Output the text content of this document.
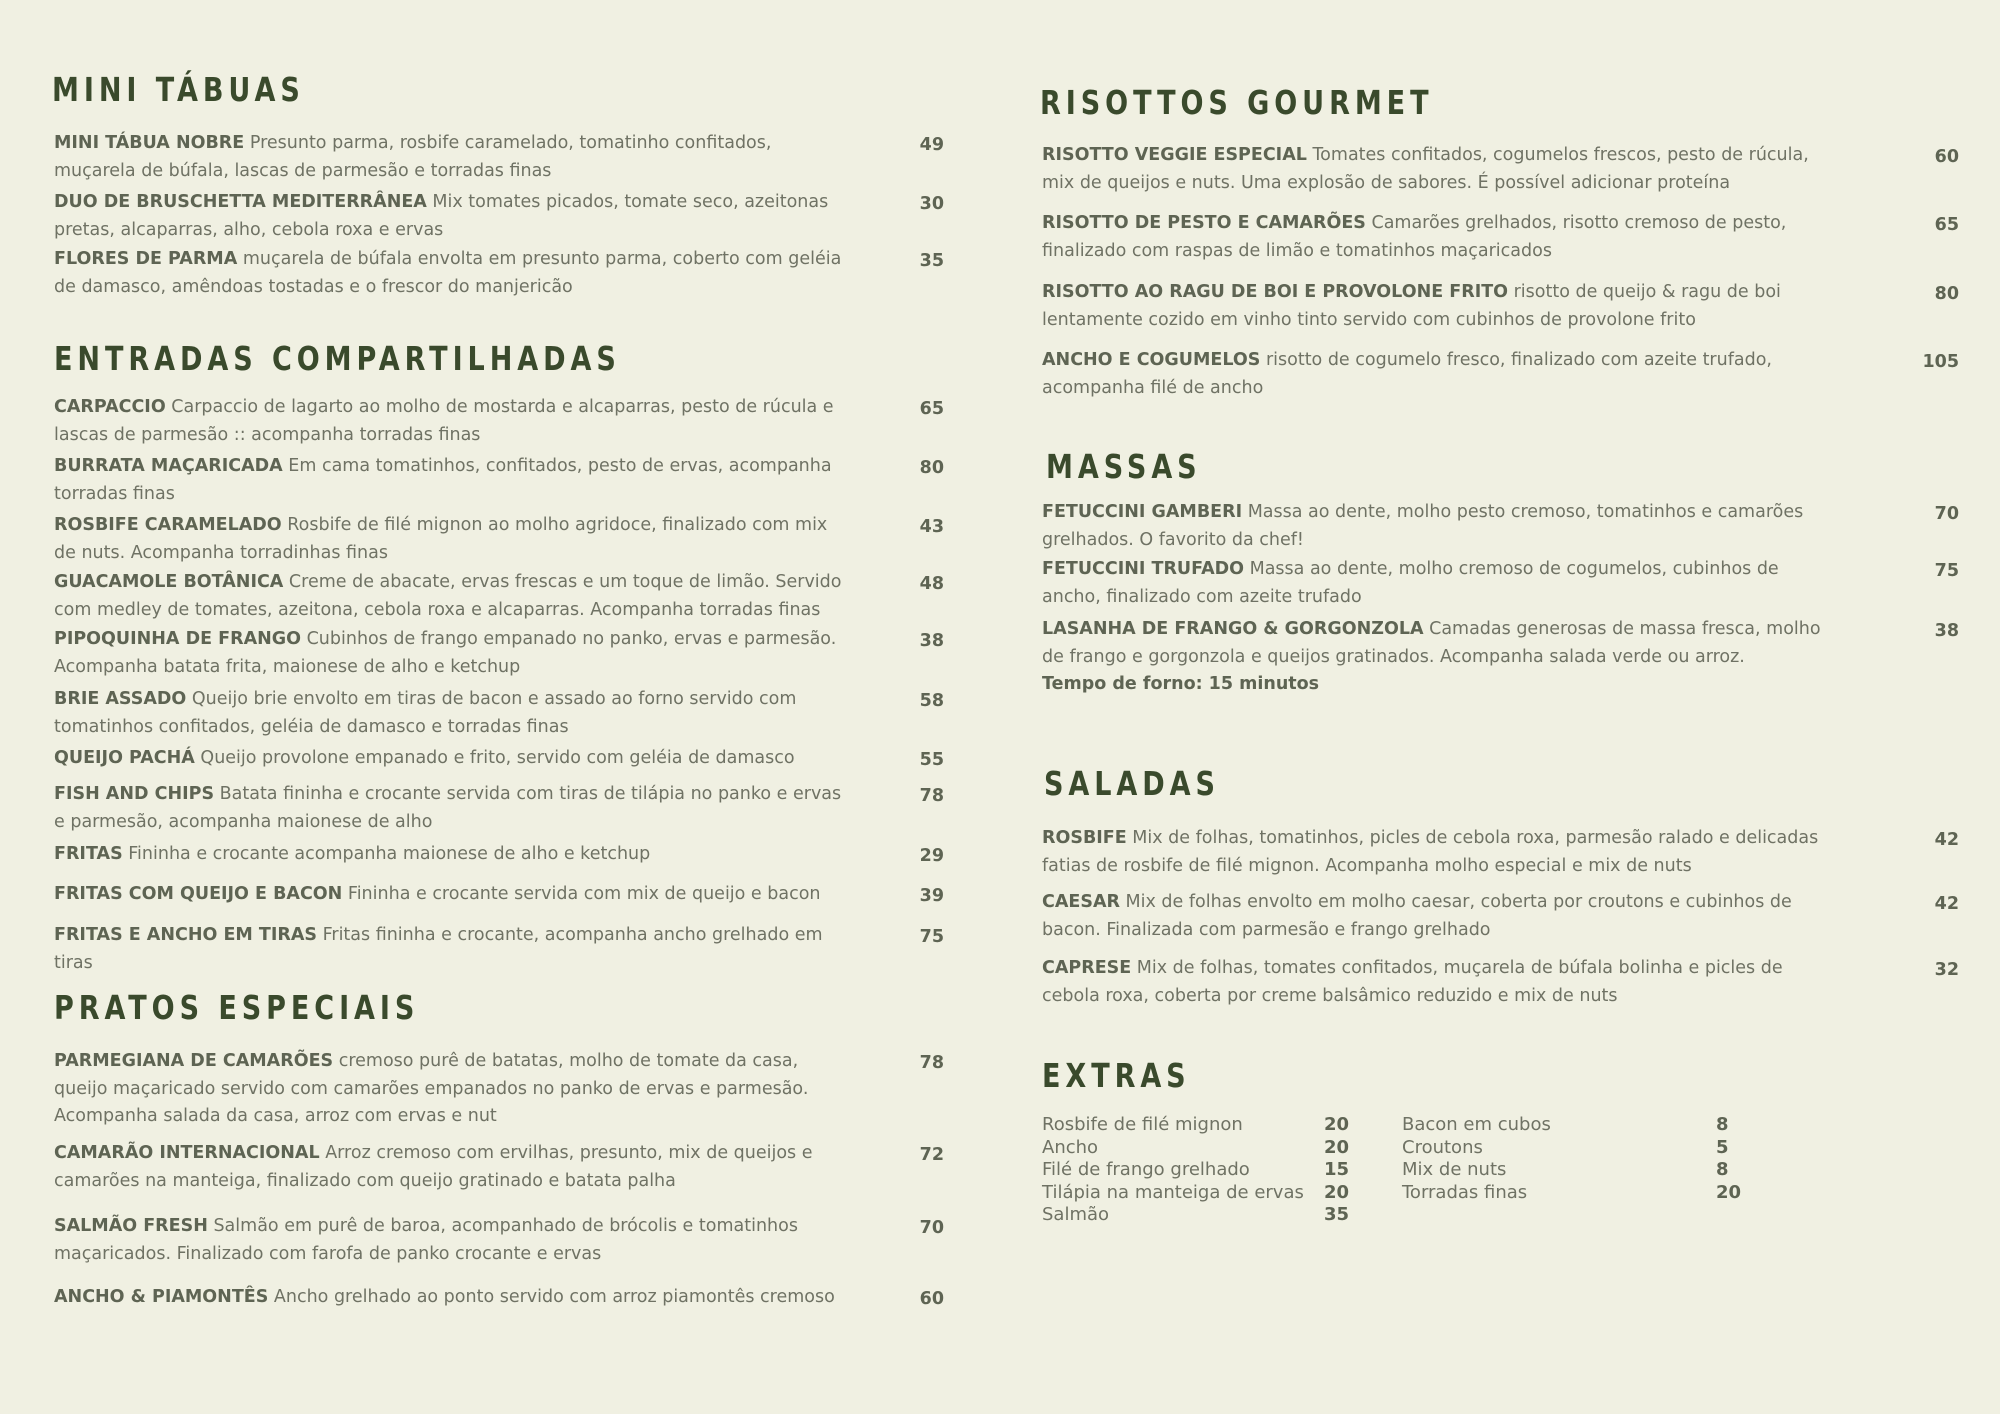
MINI TÁBUAS
MINI TÁBUA NOBRE Presunto parma, rosbife caramelado, tomatinho confitados, muçarela de búfala, lascas de parmesão e torradas finas
49
DUO DE BRUSCHETTA MEDITERRÂNEA Mix tomates picados, tomate seco, azeitonas pretas, alcaparras, alho, cebola roxa e ervas
30
FLORES DE PARMA muçarela de búfala envolta em presunto parma, coberto com geléia de damasco, amêndoas tostadas e o frescor do manjericão
35
ENTRADAS COMPARTILHADAS
CARPACCIO Carpaccio de lagarto ao molho de mostarda e alcaparras, pesto de rúcula e lascas de parmesão :: acompanha torradas finas
65
BURRATA MAÇARICADA Em cama tomatinhos, confitados, pesto de ervas, acompanha torradas finas
80
ROSBIFE CARAMELADO Rosbife de filé mignon ao molho agridoce, finalizado com mix de nuts. Acompanha torradinhas finas
43
GUACAMOLE BOTÂNICA Creme de abacate, ervas frescas e um toque de limão. Servido com medley de tomates, azeitona, cebola roxa e alcaparras. Acompanha torradas finas
48
PIPOQUINHA DE FRANGO Cubinhos de frango empanado no panko, ervas e parmesão. Acompanha batata frita, maionese de alho e ketchup
38
BRIE ASSADO Queijo brie envolto em tiras de bacon e assado ao forno servido com tomatinhos confitados, geléia de damasco e torradas finas
58
QUEIJO PACHÁ Queijo provolone empanado e frito, servido com geléia de damasco	55
FISH AND CHIPS Batata fininha e crocante servida com tiras de tilápia no panko e ervas e parmesão, acompanha maionese de alho
78
FRITAS Fininha e crocante acompanha maionese de alho e ketchup	29
FRITAS COM QUEIJO E BACON Fininha e crocante servida com mix de queijo e bacon	39
FRITAS E ANCHO EM TIRAS Fritas fininha e crocante, acompanha ancho grelhado em tiras
75
PRATOS ESPECIAIS
PARMEGIANA DE CAMARÕES cremoso purê de batatas, molho de tomate da casa, queijo maçaricado servido com camarões empanados no panko de ervas e parmesão. Acompanha salada da casa, arroz com ervas e nut
78
CAMARÃO INTERNACIONAL Arroz cremoso com ervilhas, presunto, mix de queijos e camarões na manteiga, finalizado com queijo gratinado e batata palha
72
SALMÃO FRESH Salmão em purê de baroa, acompanhado de brócolis e tomatinhos maçaricados. Finalizado com farofa de panko crocante e ervas
70
ANCHO & PIAMONTÊS Ancho grelhado ao ponto servido com arroz piamontês cremoso	60
RISOTTOS GOURMET
RISOTTO VEGGIE ESPECIAL Tomates confitados, cogumelos frescos, pesto de rúcula, mix de queijos e nuts. Uma explosão de sabores. É possível adicionar proteína
60
RISOTTO DE PESTO E CAMARÕES Camarões grelhados, risotto cremoso de pesto, finalizado com raspas de limão e tomatinhos maçaricados
65
RISOTTO AO RAGU DE BOI E PROVOLONE FRITO risotto de queijo & ragu de boi lentamente cozido em vinho tinto servido com cubinhos de provolone frito
80
ANCHO E COGUMELOS risotto de cogumelo fresco, finalizado com azeite trufado, acompanha filé de ancho
105
MASSAS
FETUCCINI GAMBERI Massa ao dente, molho pesto cremoso, tomatinhos e camarões grelhados. O favorito da chef!
70
FETUCCINI TRUFADO Massa ao dente, molho cremoso de cogumelos, cubinhos de ancho, finalizado com azeite trufado
75
LASANHA DE FRANGO & GORGONZOLA Camadas generosas de massa fresca, molho de frango e gorgonzola e queijos gratinados. Acompanha salada verde ou arroz.
Tempo de forno: 15 minutos
38
SALADAS
ROSBIFE Mix de folhas, tomatinhos, picles de cebola roxa, parmesão ralado e delicadas fatias de rosbife de filé mignon. Acompanha molho especial e mix de nuts
42
CAESAR Mix de folhas envolto em molho caesar, coberta por croutons e cubinhos de bacon. Finalizada com parmesão e frango grelhado
42
CAPRESE Mix de folhas, tomates confitados, muçarela de búfala bolinha e picles de cebola roxa, coberta por creme balsâmico reduzido e mix de nuts
32
EXTRAS
Rosbife de filé mignon	20
Ancho	20
Filé de frango grelhado	15
Tilápia na manteiga de ervas 20
Salmão	35
Bacon em cubos	8
Croutons	5
Mix de nuts	8
Torradas finas	20
